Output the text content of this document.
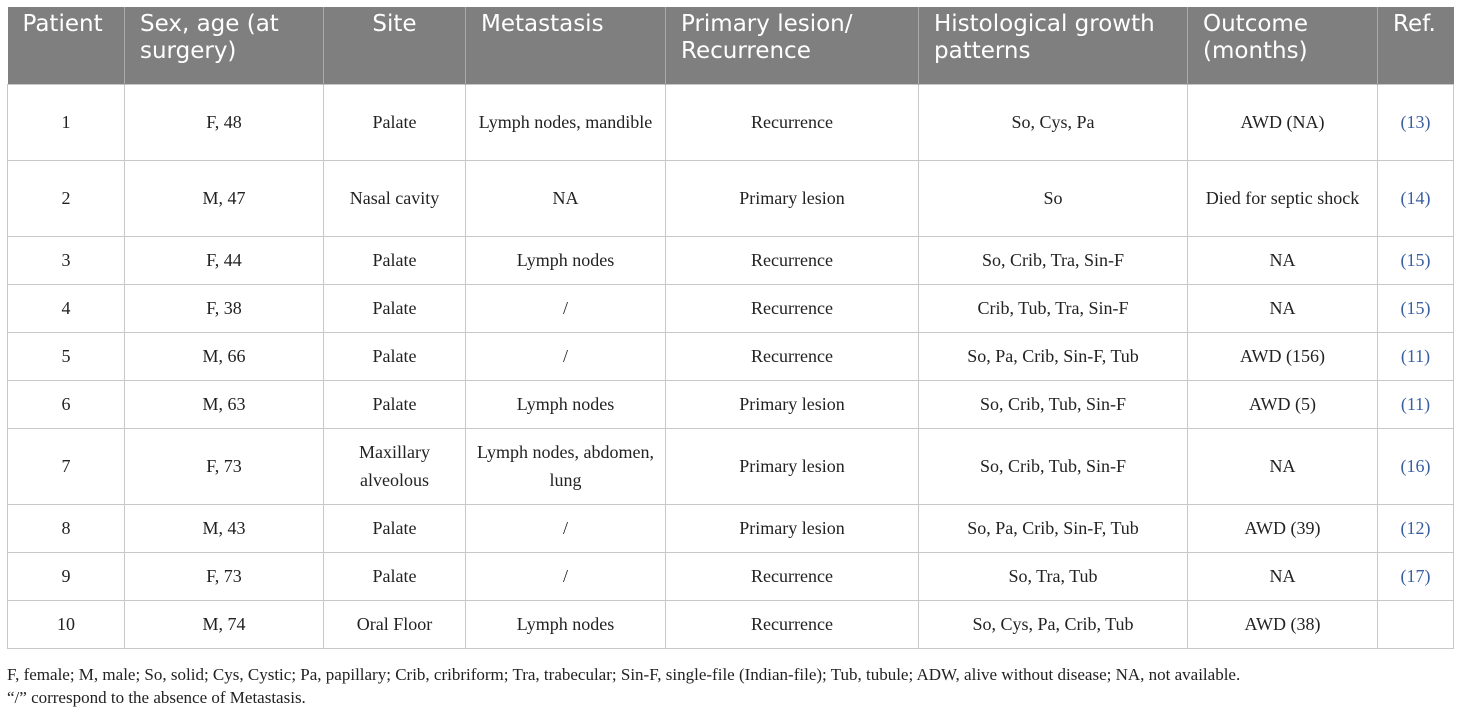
Patient	Sex, age (at surgery)	Site	Metastasis	Primary lesion/ Recurrence	Histological growth patterns	Outcome (months)	Ref.
1	F, 48	Palate	Lymph nodes, mandible	Recurrence	So, Cys, Pa	AWD (NA)	(13)
2	M, 47	Nasal cavity	NA	Primary lesion	So	Died for septic shock	(14)
3	F, 44	Palate	Lymph nodes	Recurrence	So, Crib, Tra, Sin-F	NA	(15)
4	F, 38	Palate	/	Recurrence	Crib, Tub, Tra, Sin-F	NA	(15)
5	M, 66	Palate	/	Recurrence	So, Pa, Crib, Sin-F, Tub	AWD (156)	(11)
6	M, 63	Palate	Lymph nodes	Primary lesion	So, Crib, Tub, Sin-F	AWD (5)	(11)
7	F, 73	Maxillary alveolous	Lymph nodes, abdomen, lung	Primary lesion	So, Crib, Tub, Sin-F	NA	(16)
8	M, 43	Palate	/	Primary lesion	So, Pa, Crib, Sin-F, Tub	AWD (39)	(12)
9	F, 73	Palate	/	Recurrence	So, Tra, Tub	NA	(17)
10	M, 74	Oral Floor	Lymph nodes	Recurrence	So, Cys, Pa, Crib, Tub	AWD (38)	
F, female; M, male; So, solid; Cys, Cystic; Pa, papillary; Crib, cribriform; Tra, trabecular; Sin-F, single-file (Indian-file); Tub, tubule; ADW, alive without disease; NA, not available.
“/” correspond to the absence of Metastasis.
